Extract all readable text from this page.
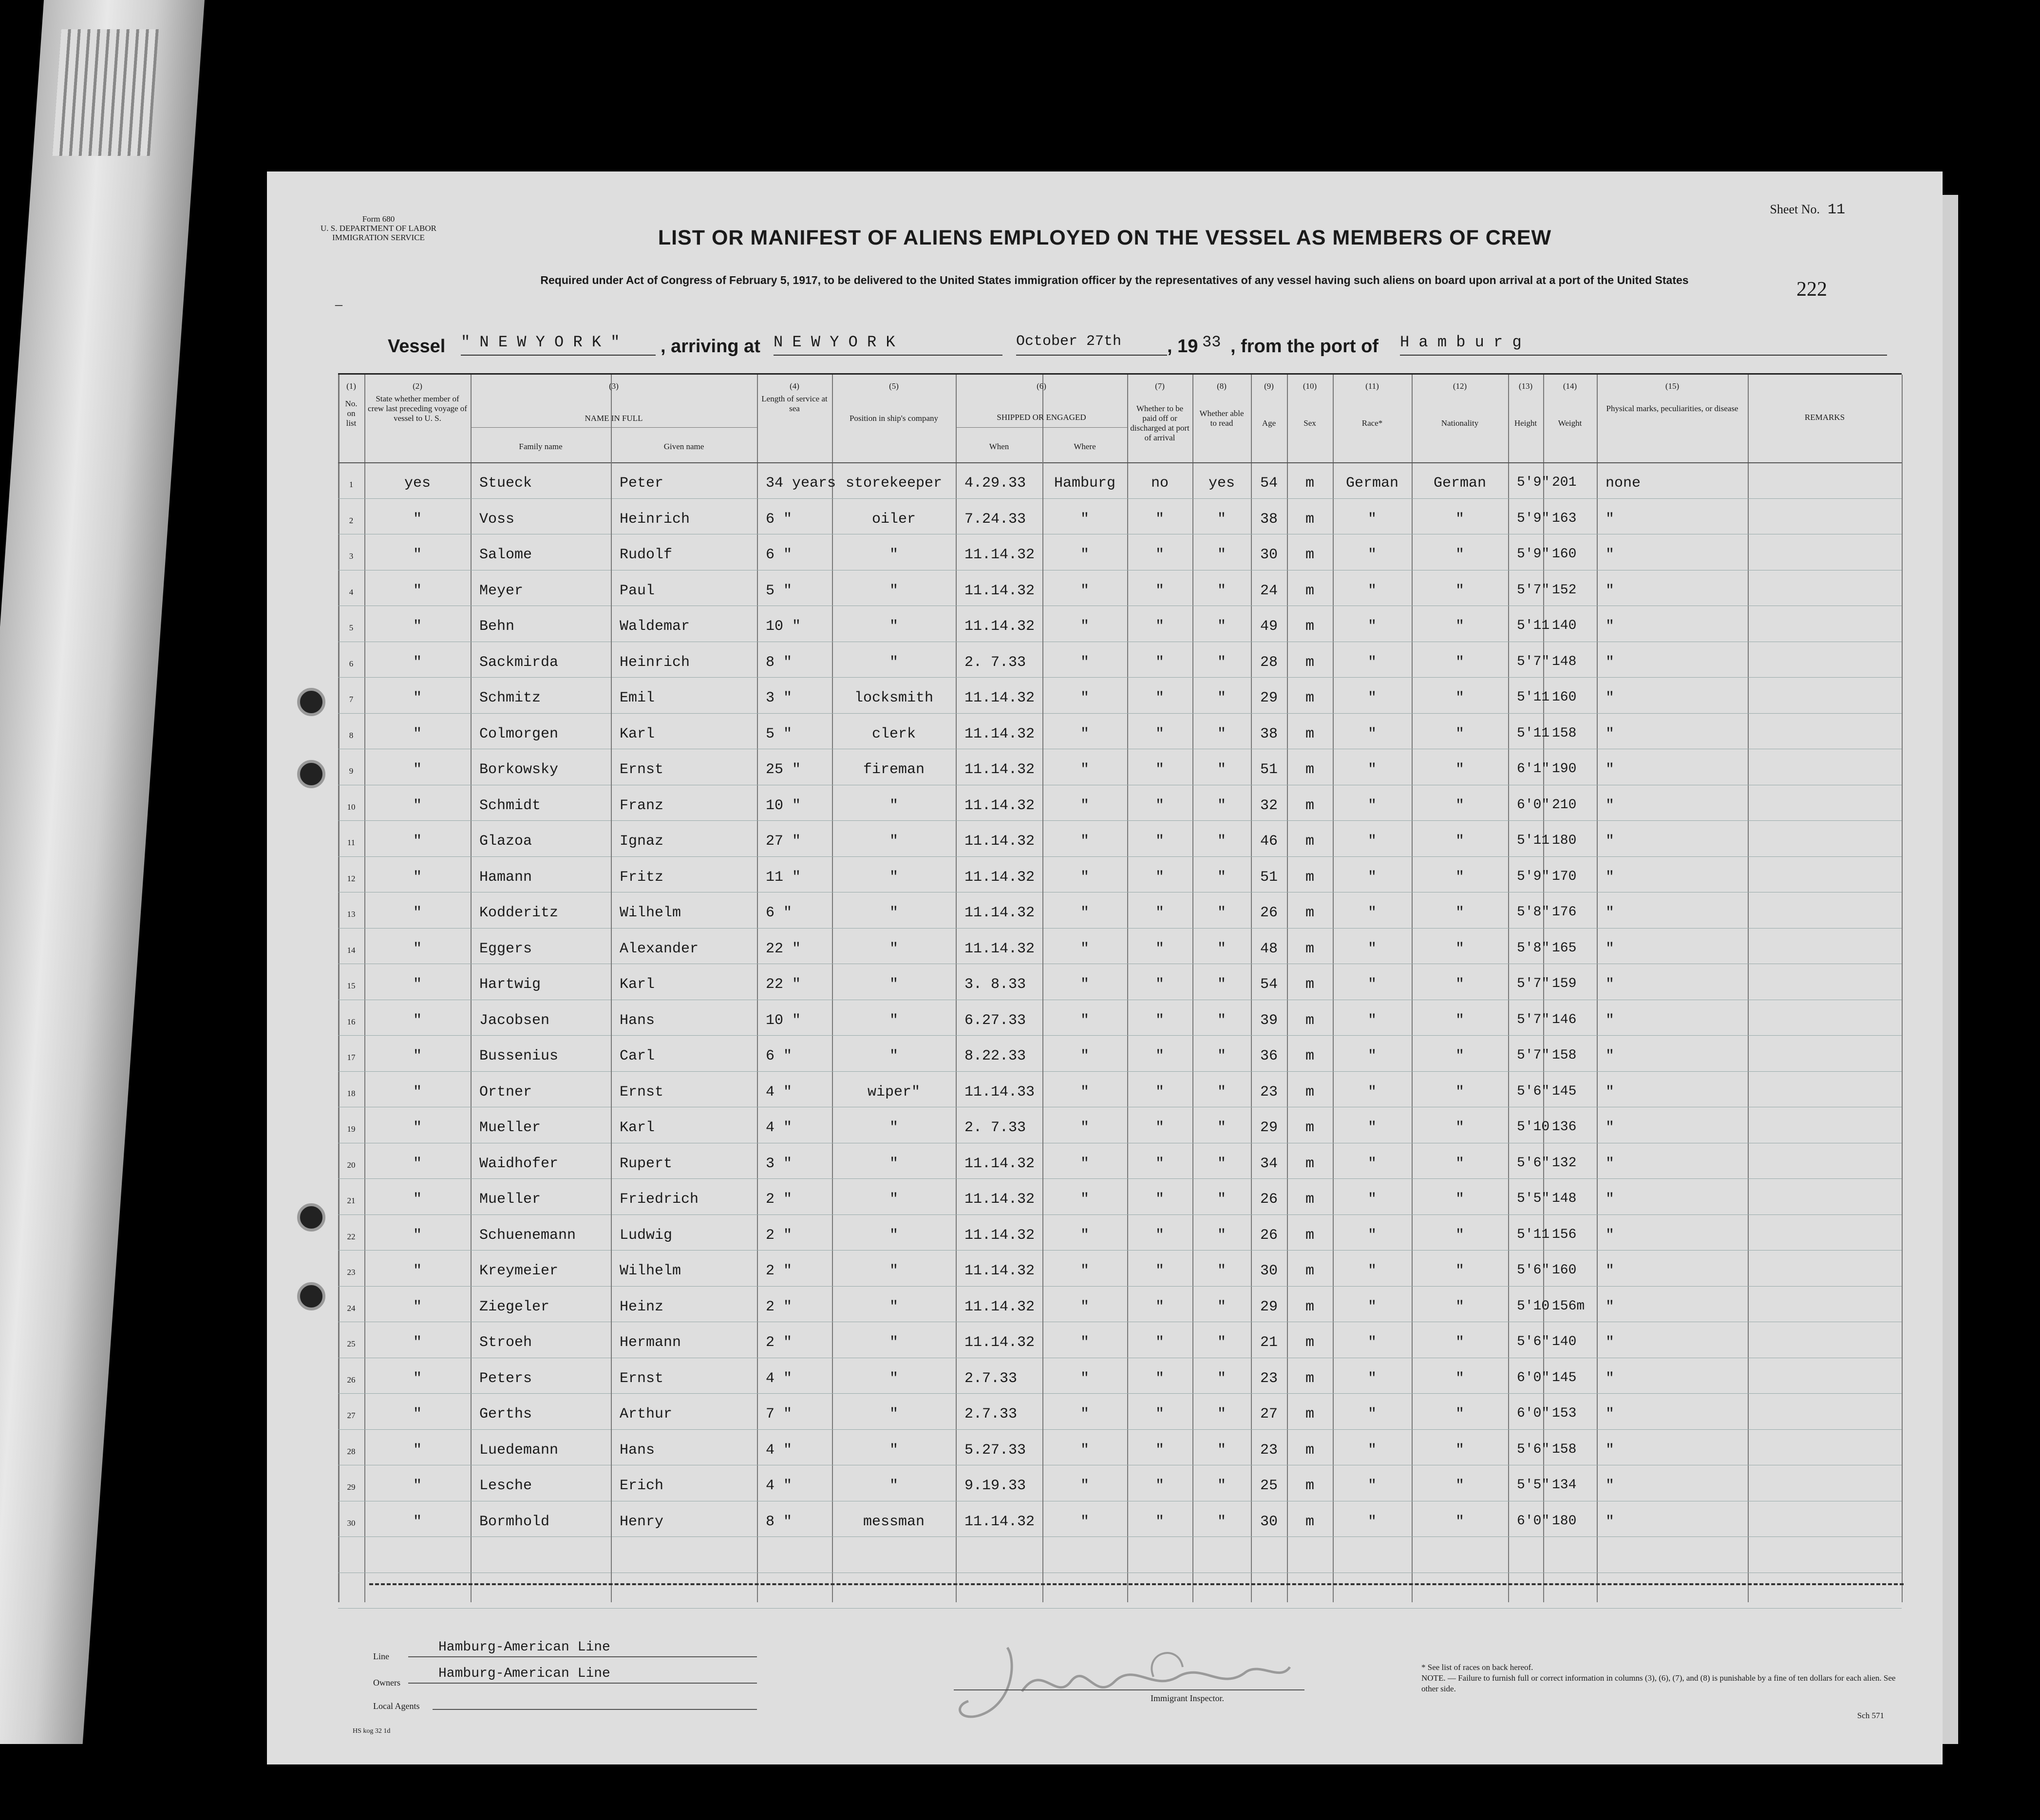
Form 680
U. S. DEPARTMENT OF LABOR
IMMIGRATION SERVICE
Sheet No. 11
LIST OR MANIFEST OF ALIENS EMPLOYED ON THE VESSEL AS MEMBERS OF CREW
Required under Act of Congress of February 5, 1917, to be delivered to the United States immigration officer by the representatives of any vessel having such aliens on board upon arrival at a port of the United States	222
–
Vessel " N E W Y O R K "	, arriving at N E W Y O R K	October 27th	, 19 33 , from the port of H a m b u r g
(1)
No. on list
(2)
State whether member of crew last preceding voyage of vessel to U. S.
(3)
NAME IN FULL
(4)
Length of service at sea
(5)
Position in ship's company
(6)
SHIPPED OR ENGAGED
(7)
Whether to be paid off or discharged at port of arrival
(8)
Whether able to read
(9)
Age
(10)
Sex
(11)
Race*
(12)
Nationality
(13)
Height
(14)
Weight
(15)
Physical marks, peculiarities, or disease
REMARKS
Family name	Given name	When	Where
1	yes	Stueck	Peter	34 years storekeeper	4.29.33	Hamburg	no	yes	54	m	German	German	5'9" 201	none
2	"	Voss	Heinrich	6 "	oiler	7.24.33	"	"	"	38	m	"	"	5'9" 163	"
3	"	Salome	Rudolf	6 "	"	11.14.32	"	"	"	30	m	"	"	5'9" 160	"
4	"	Meyer	Paul	5 "	"	11.14.32	"	"	"	24	m	"	"	5'7" 152	"
5	"	Behn	Waldemar	10 "	"	11.14.32	"	"	"	49	m	"	"	5'11 140	"
6	"	Sackmirda	Heinrich	8 "	"	2. 7.33	"	"	"	28	m	"	"	5'7" 148	"
7	"	Schmitz	Emil	3 "	locksmith	11.14.32	"	"	"	29	m	"	"	5'11 160	"
8	"	Colmorgen	Karl	5 "	clerk	11.14.32	"	"	"	38	m	"	"	5'11 158	"
9	"	Borkowsky	Ernst	25 "	fireman	11.14.32	"	"	"	51	m	"	"	6'1" 190	"
10	"	Schmidt	Franz	10 "	"	11.14.32	"	"	"	32	m	"	"	6'0" 210	"
11	"	Glazoa	Ignaz	27 "	"	11.14.32	"	"	"	46	m	"	"	5'11 180	"
12	"	Hamann	Fritz	11 "	"	11.14.32	"	"	"	51	m	"	"	5'9" 170	"
13	"	Kodderitz	Wilhelm	6 "	"	11.14.32	"	"	"	26	m	"	"	5'8" 176	"
14	"	Eggers	Alexander	22 "	"	11.14.32	"	"	"	48	m	"	"	5'8" 165	"
15	"	Hartwig	Karl	22 "	"	3. 8.33	"	"	"	54	m	"	"	5'7" 159	"
16	"	Jacobsen	Hans	10 "	"	6.27.33	"	"	"	39	m	"	"	5'7" 146	"
17	"	Bussenius	Carl	6 "	"	8.22.33	"	"	"	36	m	"	"	5'7" 158	"
18	"	Ortner	Ernst	4 "	wiper"	11.14.33	"	"	"	23	m	"	"	5'6" 145	"
19	"	Mueller	Karl	4 "	"	2. 7.33	"	"	"	29	m	"	"	5'10 136	"
20	"	Waidhofer	Rupert	3 "	"	11.14.32	"	"	"	34	m	"	"	5'6" 132	"
21	"	Mueller	Friedrich	2 "	"	11.14.32	"	"	"	26	m	"	"	5'5" 148	"
22	"	Schuenemann	Ludwig	2 "	"	11.14.32	"	"	"	26	m	"	"	5'11 156	"
23	"	Kreymeier	Wilhelm	2 "	"	11.14.32	"	"	"	30	m	"	"	5'6" 160	"
24	"	Ziegeler	Heinz	2 "	"	11.14.32	"	"	"	29	m	"	"	5'10 156m	"
25	"	Stroeh	Hermann	2 "	"	11.14.32	"	"	"	21	m	"	"	5'6" 140	"
26	"	Peters	Ernst	4 "	"	2.7.33	"	"	"	23	m	"	"	6'0" 145	"
27	"	Gerths	Arthur	7 "	"	2.7.33	"	"	"	27	m	"	"	6'0" 153	"
28	"	Luedemann	Hans	4 "	"	5.27.33	"	"	"	23	m	"	"	5'6" 158	"
29	"	Lesche	Erich	4 "	"	9.19.33	"	"	"	25	m	"	"	5'5" 134	"
30	"	Bormhold	Henry	8 "	messman	11.14.32	"	"	"	30	m	"	"	6'0" 180	"
Line
Hamburg-American Line
Owners
Hamburg-American Line
Local Agents
Immigrant Inspector.
* See list of races on back hereof.
NOTE. — Failure to furnish full or correct information in columns (3), (6), (7), and (8) is punishable by a fine of ten dollars for each alien. See other side.
Sch 571
HS kog 32 1d
